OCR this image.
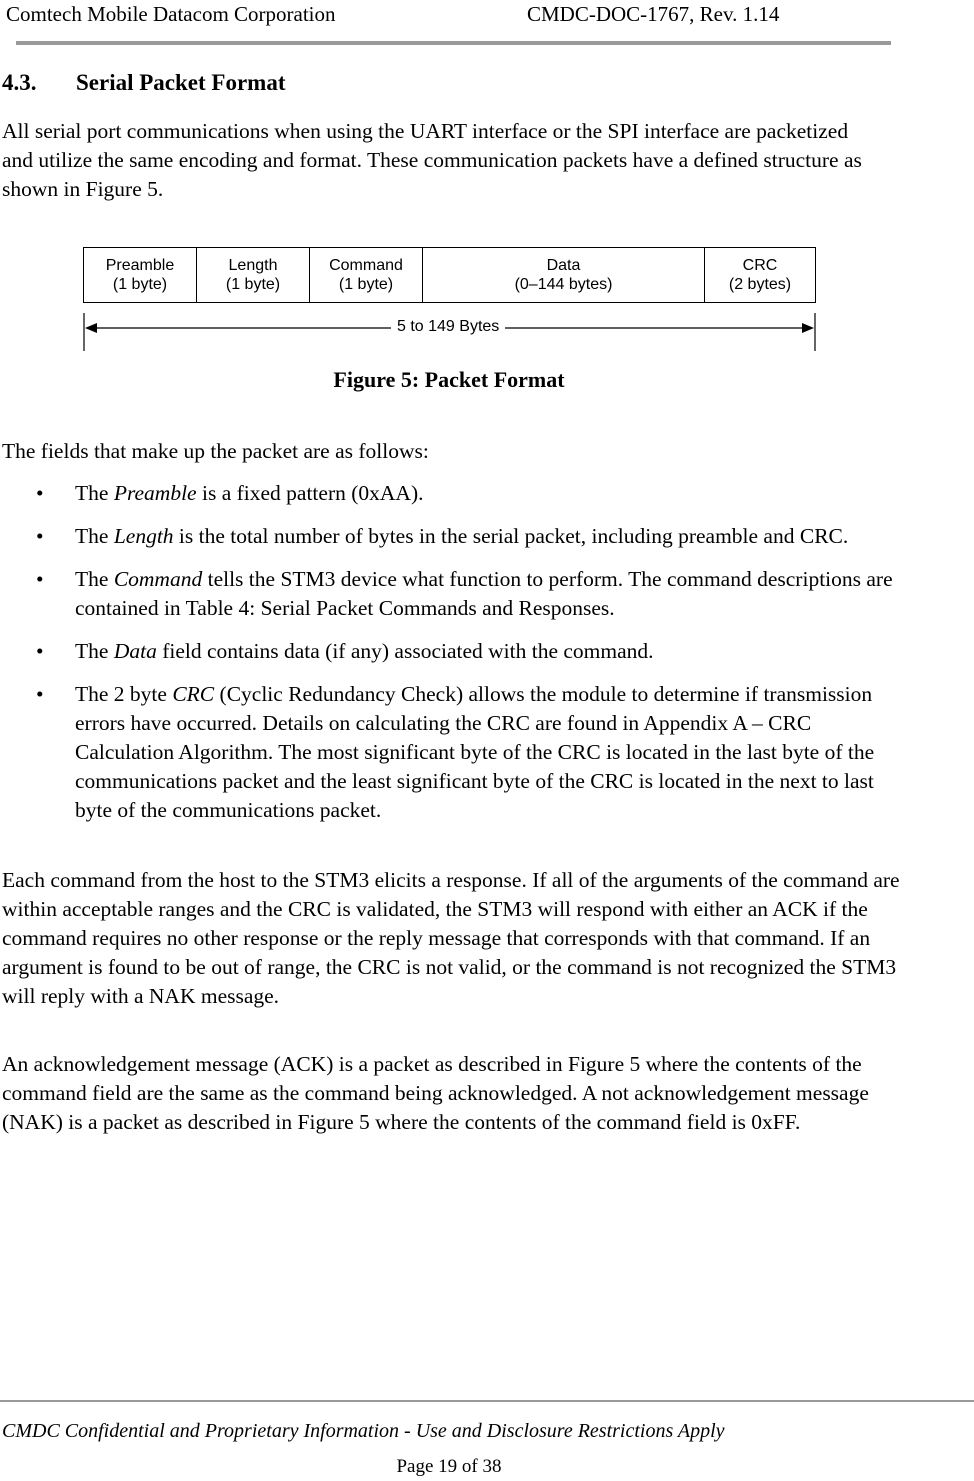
Comtech Mobile Datacom Corporation	CMDC-DOC-1767, Rev. 1.14
4.3. Serial Packet Format

All serial port communications when using the UART interface or the SPI interface are packetized and utilize the same encoding and format. These communication packets have a defined structure as shown in Figure 5.

Preamble
(1 byte)
Length
(1 byte)
Command
(1 byte)
Data
(0–144 bytes)
CRC
(2 bytes)
5 to 149 Bytes
Figure 5: Packet Format

The fields that make up the packet are as follows:

• The Preamble is a fixed pattern (0xAA).
• The Length is the total number of bytes in the serial packet, including preamble and CRC.
• The Command tells the STM3 device what function to perform. The command descriptions are contained in Table 4: Serial Packet Commands and Responses.
• The Data field contains data (if any) associated with the command.
• The 2 byte CRC (Cyclic Redundancy Check) allows the module to determine if transmission errors have occurred. Details on calculating the CRC are found in Appendix A – CRC Calculation Algorithm. The most significant byte of the CRC is located in the last byte of the communications packet and the least significant byte of the CRC is located in the next to last byte of the communications packet.

Each command from the host to the STM3 elicits a response. If all of the arguments of the command are within acceptable ranges and the CRC is validated, the STM3 will respond with either an ACK if the command requires no other response or the reply message that corresponds with that command. If an argument is found to be out of range, the CRC is not valid, or the command is not recognized the STM3 will reply with a NAK message.

An acknowledgement message (ACK) is a packet as described in Figure 5 where the contents of the command field are the same as the command being acknowledged. A not acknowledgement message (NAK) is a packet as described in Figure 5 where the contents of the command field is 0xFF.

CMDC Confidential and Proprietary Information - Use and Disclosure Restrictions Apply
Page 19 of 38
